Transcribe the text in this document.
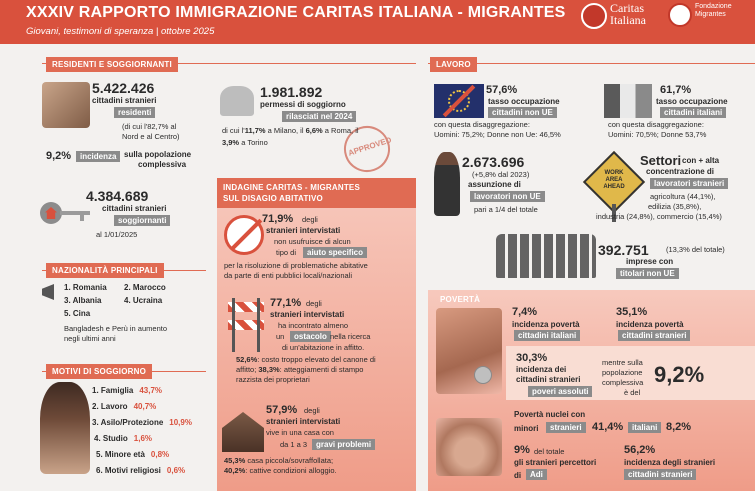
XXXIV RAPPORTO IMMIGRAZIONE CARITAS ITALIANA - MIGRANTES
Giovani, testimoni di speranza | ottobre 2025
Caritas Italiana
Fondazione Migrantes
RESIDENTI E SOGGIORNANTI
5.422.426
cittadini stranieri
residenti
(di cui l'82,7% al
Nord e al Centro)
9,2%	incidenza sulla popolazione
complessiva
APPROVED
1.981.892
permessi di soggiorno
rilasciati nel 2024
di cui l'11,7% a Milano, il 6,6% a Roma, il
3,9% a Torino
4.384.689
cittadini stranieri
soggiornanti
al 1/01/2025
NAZIONALITÀ PRINCIPALI
1. Romania 2. Marocco
3. Albania	4. Ucraina
5. Cina
Bangladesh e Perù in aumento
negli ultimi anni
MOTIVI DI SOGGIORNO
1. Famiglia 43,7%
2. Lavoro 40,7%
3. Asilo/Protezione 10,9%
4. Studio 1,6%
5. Minore età 0,8%
6. Motivi religiosi 0,6%
INDAGINE CARITAS - MIGRANTES
SUL DISAGIO ABITATIVO
71,9% degli
stranieri intervistati
non usufruisce di alcun
tipo di	aiuto specifico
per la risoluzione di problematiche abitative
da parte di enti pubblici locali/nazionali
77,1% degli
stranieri intervistati
ha incontrato almeno
un	ostacolo nella ricerca
di un'abitazione in affitto.
52,6%: costo troppo elevato del canone di
affitto; 38,3%: atteggiamenti di stampo
razzista dei proprietari
57,9% degli
stranieri intervistati
vive in una casa con
da 1 a 3	gravi problemi
45,3% casa piccola/sovraffollata;
40,2%: cattive condizioni alloggio.
LAVORO
57,6%
tasso occupazione
cittadini non UE
con questa disaggregazione:
Uomini: 75,2%; Donne non Ue: 46,5%
61,7%
tasso occupazione
cittadini italiani
con questa disaggregazione:
Uomini: 70,5%; Donne 53,7%
2.673.696
(+5,8% dal 2023)
assunzione di
lavoratori non UE
pari a 1/4 del totale
WORK AREA AHEAD
Settori con + alta
concentrazione di
lavoratori stranieri
agricoltura (44,1%),
edilizia (35,8%),
industria (24,8%), commercio (15,4%)
392.751 (13,3% del totale)
imprese con
titolari non UE
POVERTÀ
7,4%
incidenza povertà
cittadini italiani
35,1%
incidenza povertà
cittadini stranieri
30,3%
incidenza dei
cittadini stranieri
poveri assoluti
mentre sulla
popolazione
complessiva
è del
9,2%
Povertà nuclei con
minori	stranieri 41,4%	italiani 8,2%
9% del totale
gli stranieri percettori
di	Adi
56,2%
incidenza degli stranieri
cittadini stranieri
